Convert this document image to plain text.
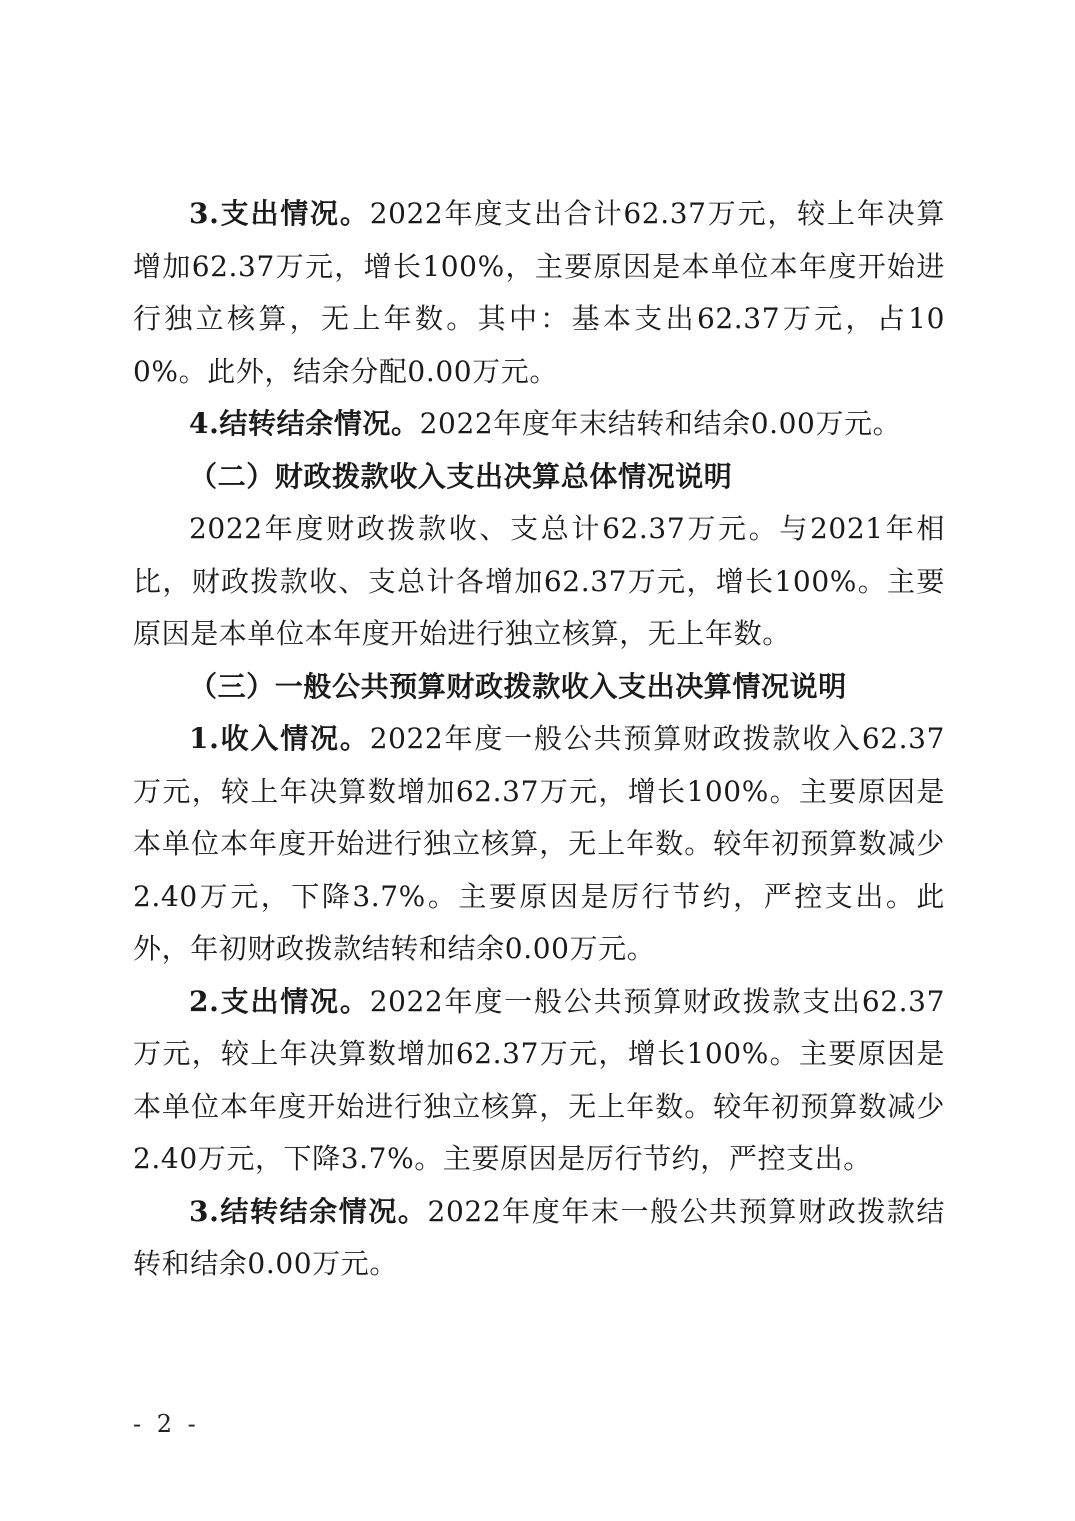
3.支出情况。2022年度支出合计62.37万元，较上年决算增加62.37万元，增长100%，主要原因是本单位本年度开始进行独立核算，无上年数。其中：基本支出62.37万元，占100%。此外，结余分配0.00万元。

4.结转结余情况。2022年度年末结转和结余0.00万元。

（二）财政拨款收入支出决算总体情况说明

2022年度财政拨款收、支总计62.37万元。与2021年相比，财政拨款收、支总计各增加62.37万元，增长100%。主要原因是本单位本年度开始进行独立核算，无上年数。

（三）一般公共预算财政拨款收入支出决算情况说明

1.收入情况。2022年度一般公共预算财政拨款收入62.37万元，较上年决算数增加62.37万元，增长100%。主要原因是本单位本年度开始进行独立核算，无上年数。较年初预算数减少2.40万元，下降3.7%。主要原因是厉行节约，严控支出。此外，年初财政拨款结转和结余0.00万元。

2.支出情况。2022年度一般公共预算财政拨款支出62.37万元，较上年决算数增加62.37万元，增长100%。主要原因是本单位本年度开始进行独立核算，无上年数。较年初预算数减少2.40万元，下降3.7%。主要原因是厉行节约，严控支出。

3.结转结余情况。2022年度年末一般公共预算财政拨款结转和结余0.00万元。

- 2 -
